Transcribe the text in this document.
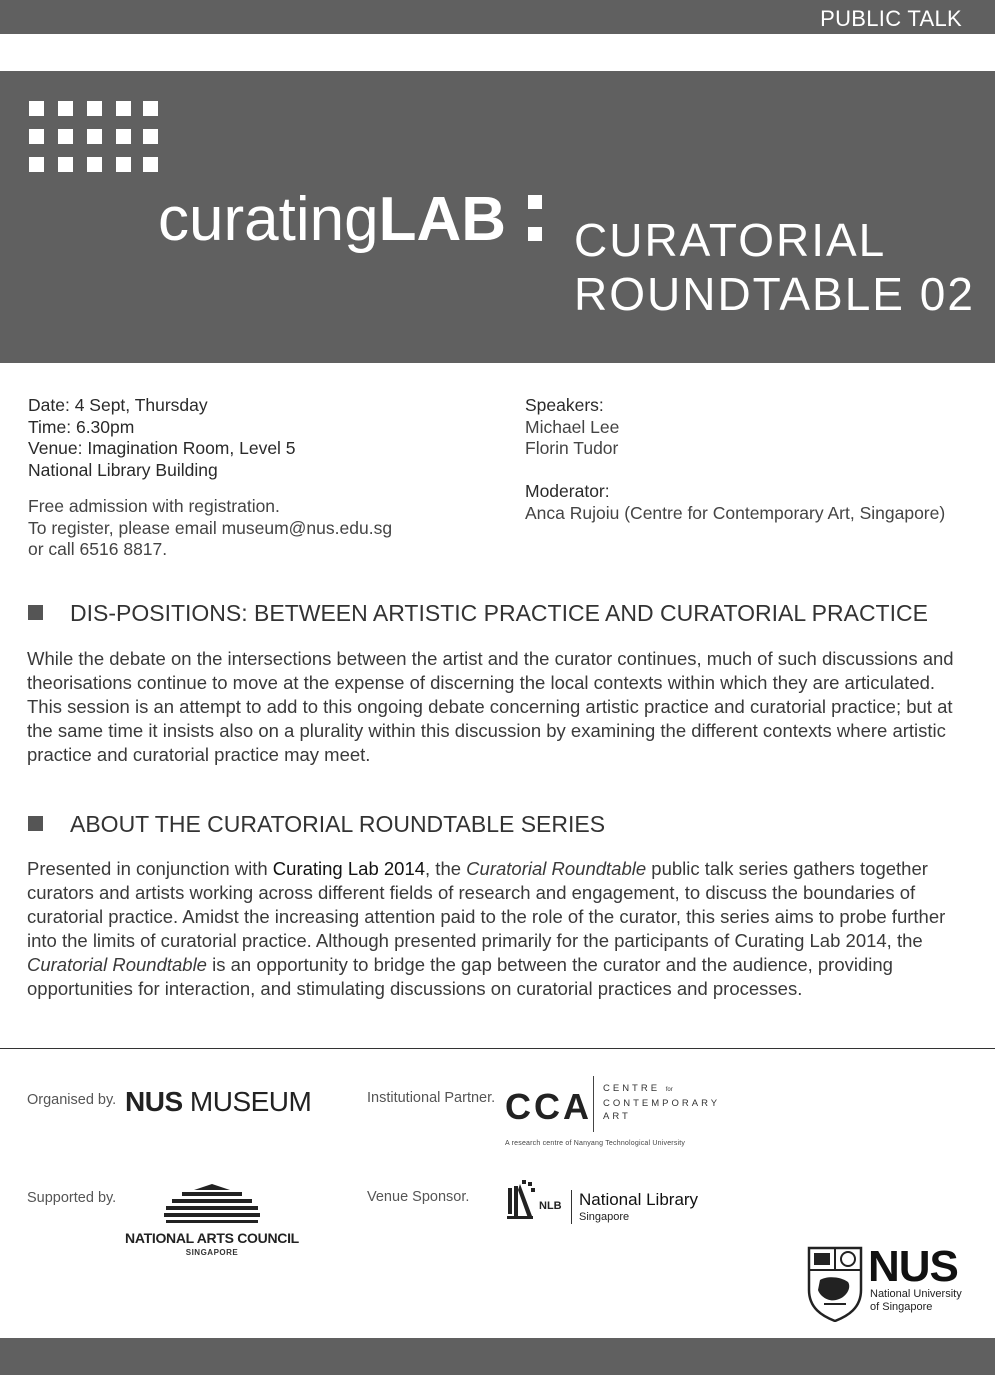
PUBLIC TALK
curatingLAB CURATORIAL
ROUNDTABLE 02
Date: 4 Sept, Thursday
Time: 6.30pm
Venue: Imagination Room, Level 5
National Library Building
Free admission with registration.
To register, please email museum@nus.edu.sg
or call 6516 8817.
Speakers:
Michael Lee
Florin Tudor
Moderator:
Anca Rujoiu (Centre for Contemporary Art, Singapore)
DIS-POSITIONS: BETWEEN ARTISTIC PRACTICE AND CURATORIAL PRACTICE
While the debate on the intersections between the artist and the curator continues, much of such discussions and theorisations continue to move at the expense of discerning the local contexts within which they are articulated. This session is an attempt to add to this ongoing debate concerning artistic practice and curatorial practice; but at the same time it insists also on a plurality within this discussion by examining the different contexts where artistic practice and curatorial practice may meet.
ABOUT THE CURATORIAL ROUNDTABLE SERIES
Presented in conjunction with Curating Lab 2014, the Curatorial Roundtable public talk series gathers together curators and artists working across different fields of research and engagement, to discuss the boundaries of curatorial practice. Amidst the increasing attention paid to the role of the curator, this series aims to probe further into the limits of curatorial practice. Although presented primarily for the participants of Curating Lab 2014, the Curatorial Roundtable is an opportunity to bridge the gap between the curator and the audience, providing opportunities for interaction, and stimulating discussions on curatorial practices and processes.
Organised by. NUS MUSEUM	Institutional Partner. CCA CENTRE for
CONTEMPORARY
ART
A research centre of Nanyang Technological University
Supported by.
NATIONAL ARTS COUNCIL
SINGAPORE
Venue Sponsor.
NLB National Library
Singapore
NUS
National University
of Singapore
